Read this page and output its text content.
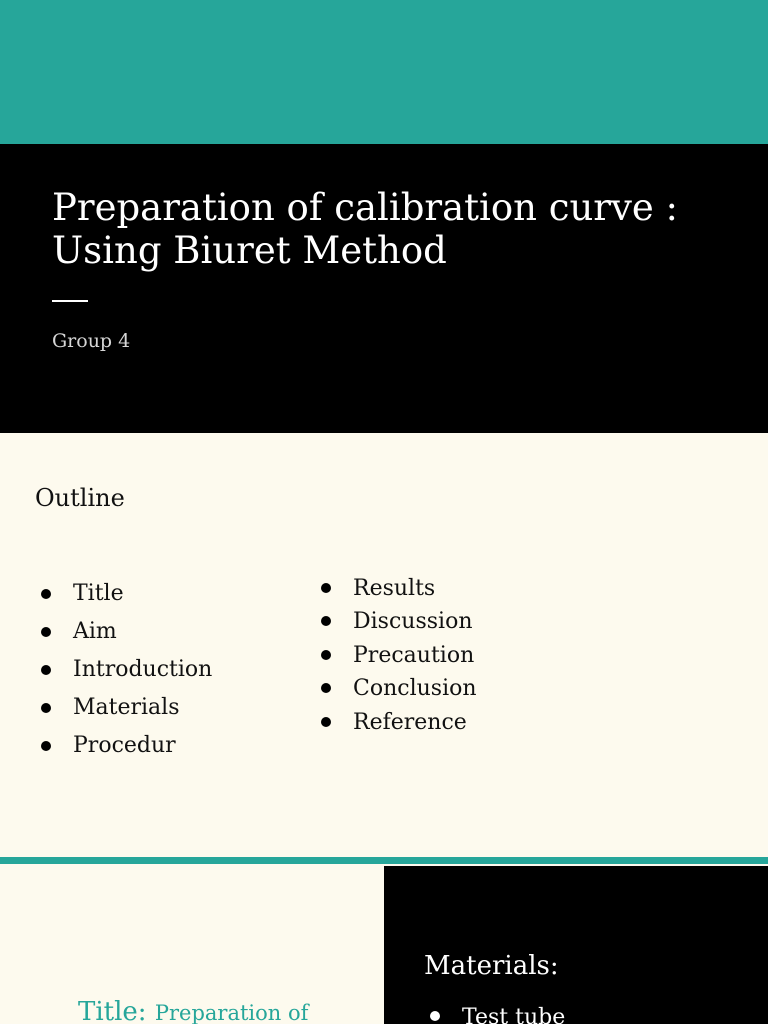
Preparation of calibration curve :
Using Biuret Method
Group 4
Outline
Title
Aim
Introduction
Materials
Procedur
Results
Discussion
Precaution
Conclusion
Reference
Title: Preparation of
Materials:
Test tube
